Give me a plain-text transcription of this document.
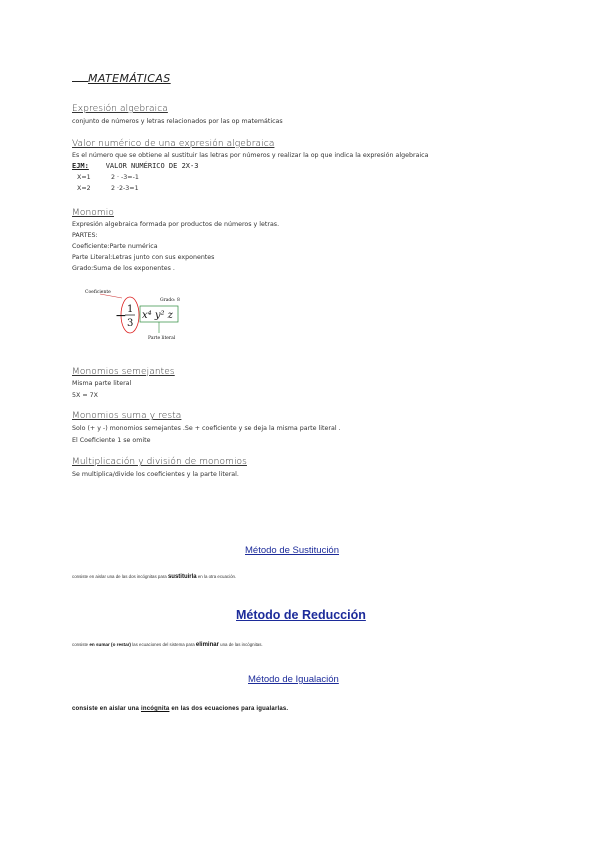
MATEMÁTICAS
Expresión algebraica
conjunto de números y letras relacionados por las op matemáticas
Valor numérico de una expresión algebraica
Es el número que se obtiene al sustituir las letras por números y realizar la op que indica la expresión algebraica
EJM: VALOR NUMÉRICO DE 2X-3
X=1	2 · -3=-1
X=2	2 ·2-3=1
Monomio
Expresión algebraica formada por productos de números y letras.
PARTES:
Coeficiente:Parte numérica
Parte Literal:Letras junto con sus exponentes
Grado:Suma de los exponentes .
Coeficiente
Grado: 8
− 1
3
x⁴ y² z
Parte literal
Monomios semejantes
Misma parte literal
5X = 7X
Monomios suma y resta
Solo (+ y -) monomios semejantes .Se + coeficiente y se deja la misma parte literal .
El Coeficiente 1 se omite
Multiplicación y división de monomios
Se multiplica/divide los coeficientes y la parte literal.
Método de Sustitución
consiste en aislar una de las dos incógnitas para sustituirla en la otra ecuación.
Método de Reducción
consiste en sumar (o restar) las ecuaciones del sistema para eliminar una de las incógnitas.
Método de Igualación
consiste en aislar una incógnita en las dos ecuaciones para igualarlas.
